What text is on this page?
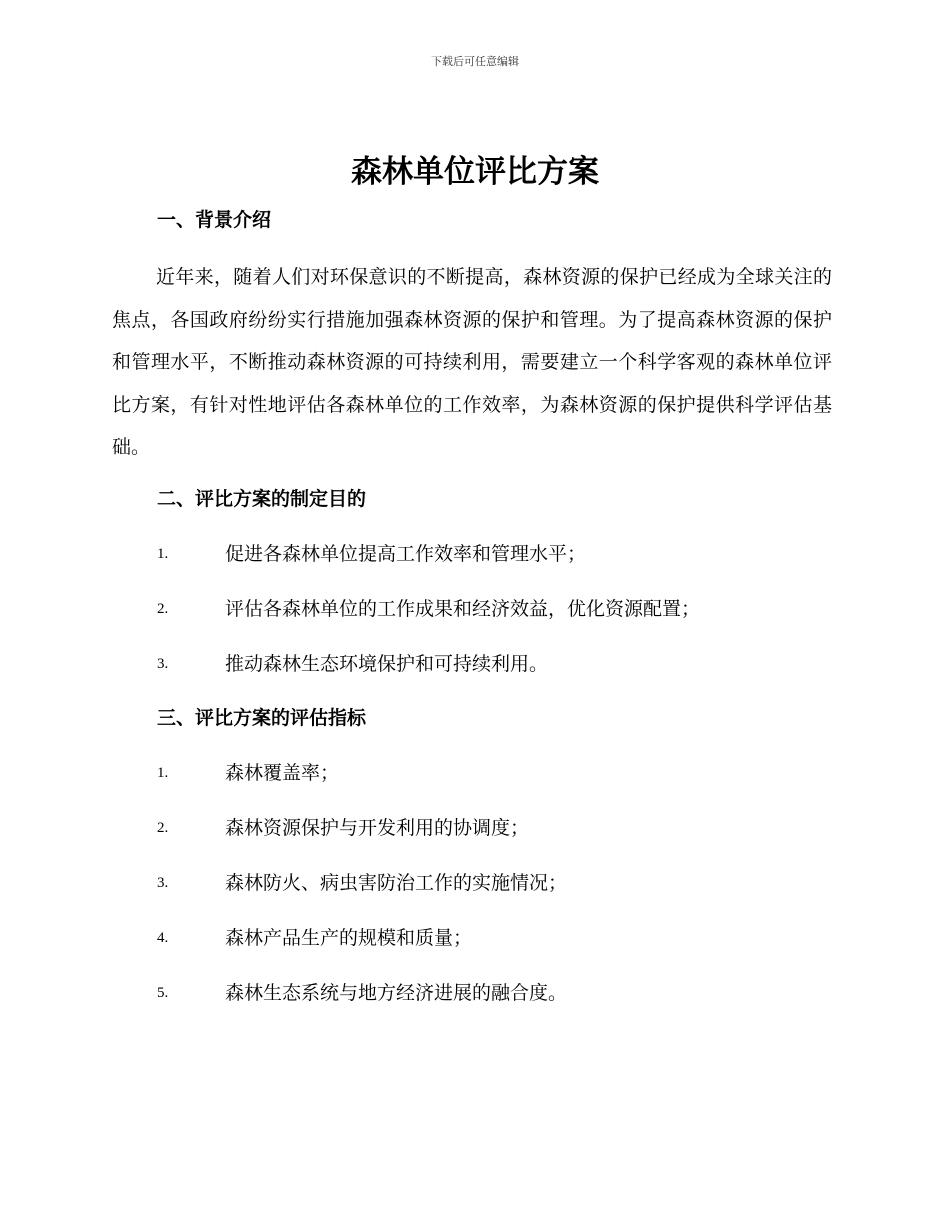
下载后可任意编辑
森林单位评比方案
一、背景介绍

近年来，随着人们对环保意识的不断提高，森林资源的保护已经成为全球关注的焦点，各国政府纷纷实行措施加强森林资源的保护和管理。为了提高森林资源的保护和管理水平，不断推动森林资源的可持续利用，需要建立一个科学客观的森林单位评比方案，有针对性地评估各森林单位的工作效率，为森林资源的保护提供科学评估基础。

二、评比方案的制定目的
1.	促进各森林单位提高工作效率和管理水平；
2.	评估各森林单位的工作成果和经济效益，优化资源配置；
3.	推动森林生态环境保护和可持续利用。
三、评比方案的评估指标
1.	森林覆盖率；
2.	森林资源保护与开发利用的协调度；
3.	森林防火、病虫害防治工作的实施情况；
4.	森林产品生产的规模和质量；
5.	森林生态系统与地方经济进展的融合度。
